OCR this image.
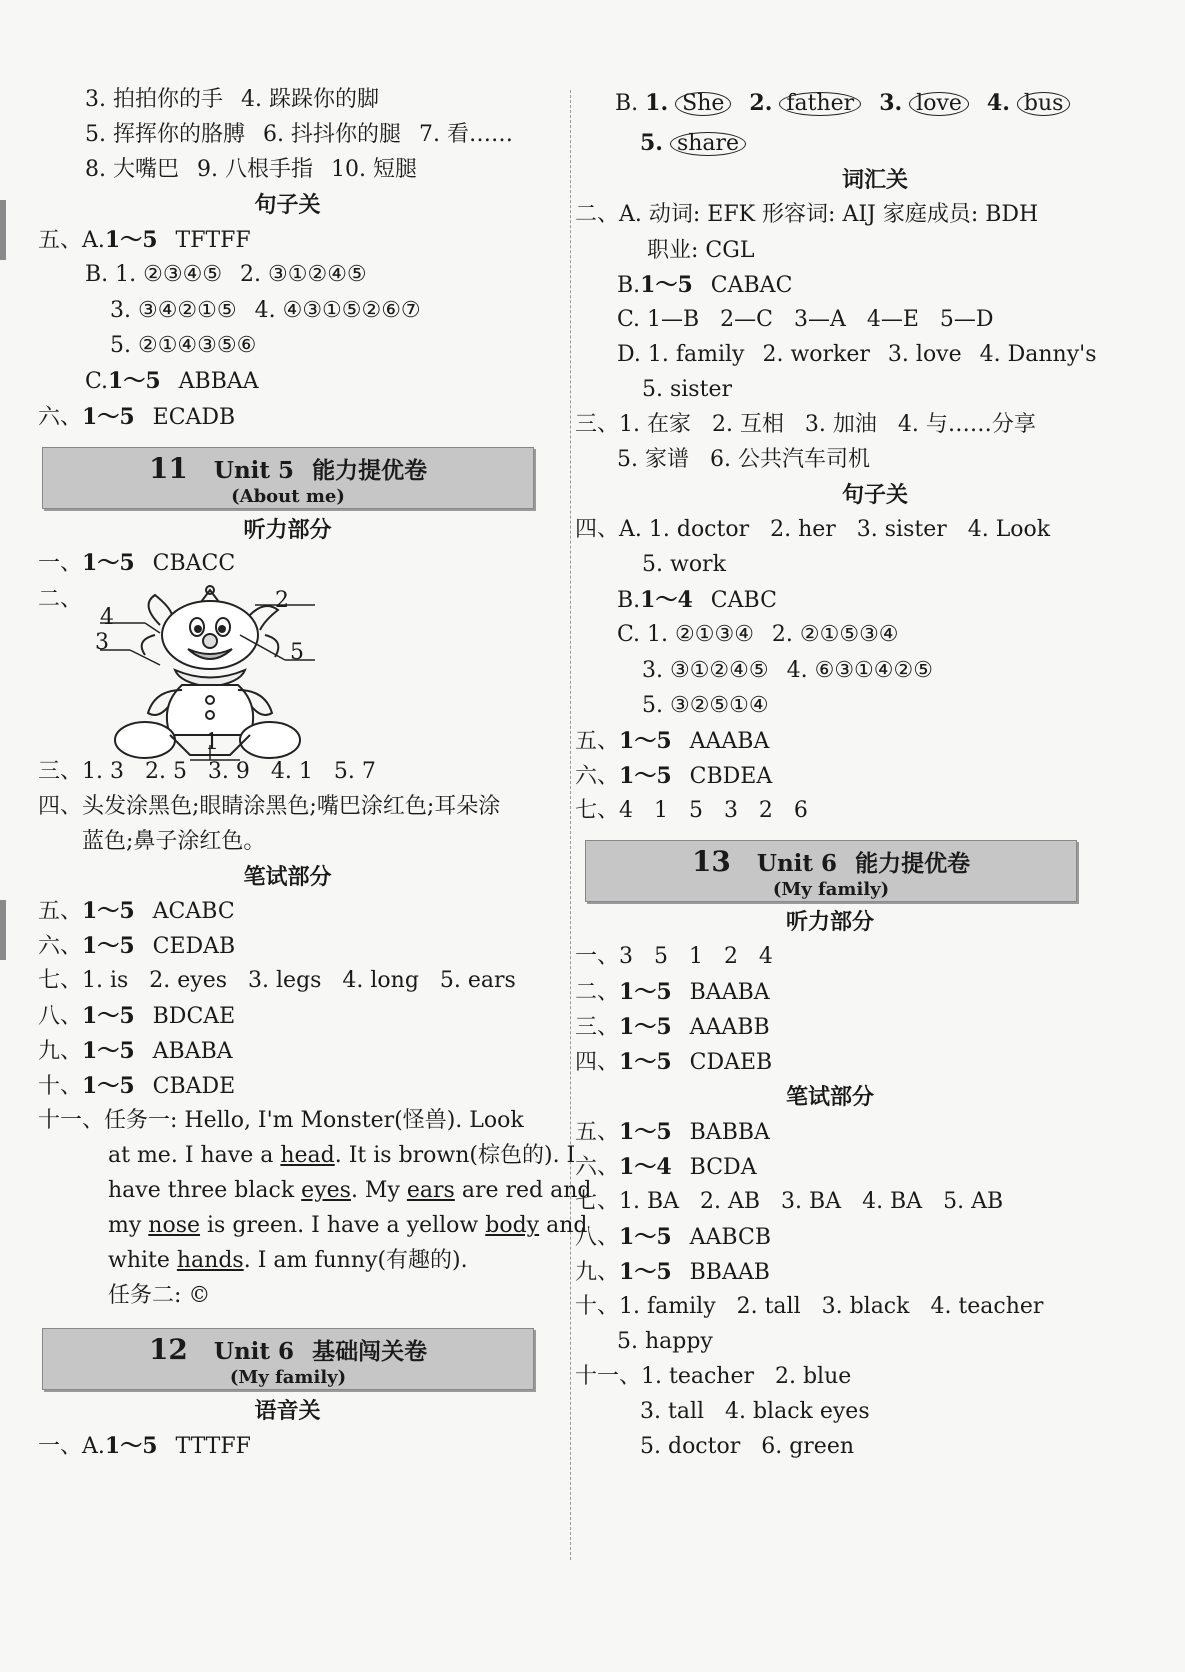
3. 拍拍你的手 4. 跺跺你的脚
5. 挥挥你的胳膊 6. 抖抖你的腿 7. 看……
8. 大嘴巴 9. 八根手指 10. 短腿
句子关
五、A.1～5 TFTFF
B. 1. ②③④⑤ 2. ③①②④⑤
3. ③④②①⑤ 4. ④③①⑤②⑥⑦
5. ②①④③⑤⑥
C.1～5 ABBAA
六、1～5 ECADB
11 Unit 5 能力提优卷
(About me)
听力部分
一、1～5 CBACC
二、
4
3
2
5
1
三、1. 3   2. 5   3. 9   4. 1   5. 7
四、头发涂黑色;眼睛涂黑色;嘴巴涂红色;耳朵涂
蓝色;鼻子涂红色。
笔试部分
五、1～5 ACABC
六、1～5 CEDAB
七、1. is   2. eyes   3. legs   4. long   5. ears
八、1～5 BDCAE
九、1～5 ABABA
十、1～5 CBADE
十一、任务一: Hello, I'm Monster(怪兽). Look
at me. I have a head. It is brown(棕色的). I
have three black eyes. My ears are red and
my nose is green. I have a yellow body and
white hands. I am funny(有趣的).
任务二: ©
12 Unit 6 基础闯关卷
(My family)
语音关
一、A.1～5 TTTFF
B. 1. She 2. father 3. love 4. bus
5. share
词汇关
二、A. 动词: EFK 形容词: AIJ 家庭成员: BDH
职业: CGL
B.1～5 CABAC
C. 1—B   2—C   3—A   4—E   5—D
D. 1. family 2. worker 3. love 4. Danny's
5. sister
三、1. 在家   2. 互相   3. 加油   4. 与……分享
5. 家谱   6. 公共汽车司机
句子关
四、A. 1. doctor   2. her   3. sister   4. Look
5. work
B.1～4 CABC
C. 1. ②①③④ 2. ②①⑤③④
3. ③①②④⑤ 4. ⑥③①④②⑤
5. ③②⑤①④
五、1～5 AAABA
六、1～5 CBDEA
七、4   1   5   3   2   6
13 Unit 6 能力提优卷
(My family)
听力部分
一、3   5   1   2   4
二、1～5 BAABA
三、1～5 AAABB
四、1～5 CDAEB
笔试部分
五、1～5 BABBA
六、1～4 BCDA
七、1. BA   2. AB   3. BA   4. BA   5. AB
八、1～5 AABCB
九、1～5 BBAAB
十、1. family   2. tall   3. black   4. teacher
5. happy
十一、1. teacher   2. blue
3. tall   4. black eyes
5. doctor   6. green
